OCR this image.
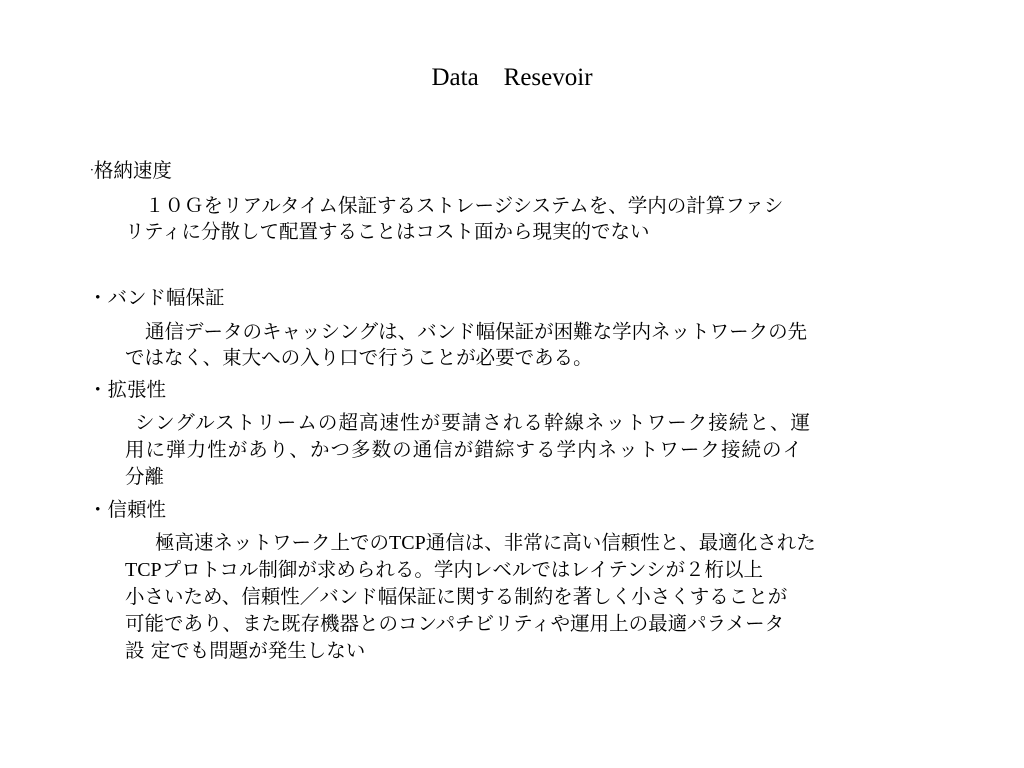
Data　Resevoir
·格納速度
１０Ｇをリアルタイム保証するストレージシステムを、学内の計算ファシ
リティに分散して配置することはコスト面から現実的でない
・バンド幅保証
通信データのキャッシングは、バンド幅保証が困難な学内ネットワークの先
ではなく、東大への入り口で行うことが必要である。
・拡張性
シングルストリームの超高速性が要請される幹線ネットワーク接続と、運
用に弾力性があり、かつ多数の通信が錯綜する学内ネットワーク接続のイ
分離
・信頼性
極高速ネットワーク上でのTCP通信は、非常に高い信頼性と、最適化された
TCPプロトコル制御が求められる。学内レベルではレイテンシが２桁以上
小さいため、信頼性／バンド幅保証に関する制約を著しく小さくすることが
可能であり、また既存機器とのコンパチビリティや運用上の最適パラメータ
設 定でも問題が発生しない
